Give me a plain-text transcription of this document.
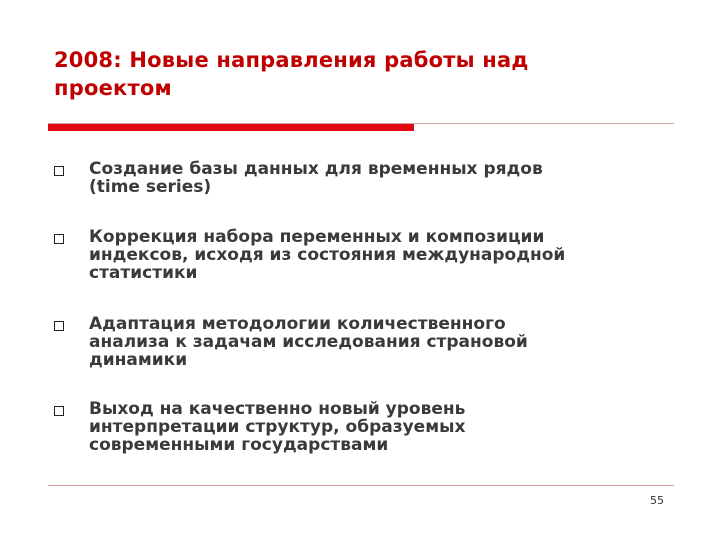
2008: Новые направления работы над
проектом
Создание базы данных для временных рядов
(time series)
Коррекция набора переменных и композиции
индексов, исходя из состояния международной
статистики
Адаптация методологии количественного
анализа к задачам исследования страновой
динамики
Выход на качественно новый уровень
интерпретации структур, образуемых
современными государствами
55
